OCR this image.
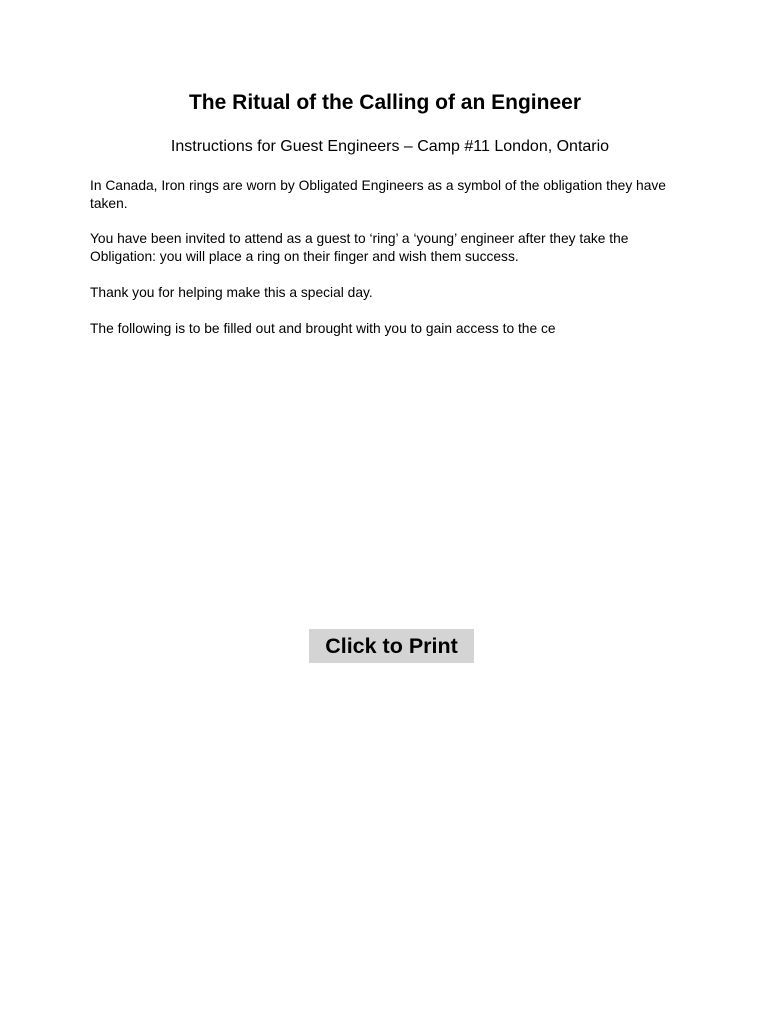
The Ritual of the Calling of an Engineer

Instructions for Guest Engineers – Camp #11 London, Ontario

In Canada, Iron rings are worn by Obligated Engineers as a symbol of the obligation they have taken.

You have been invited to attend as a guest to ‘ring’ a ‘young’ engineer after they take the Obligation: you will place a ring on their finger and wish them success.

Thank you for helping make this a special day.

The following is to be filled out and brought with you to gain access to the ce

Click to Print
